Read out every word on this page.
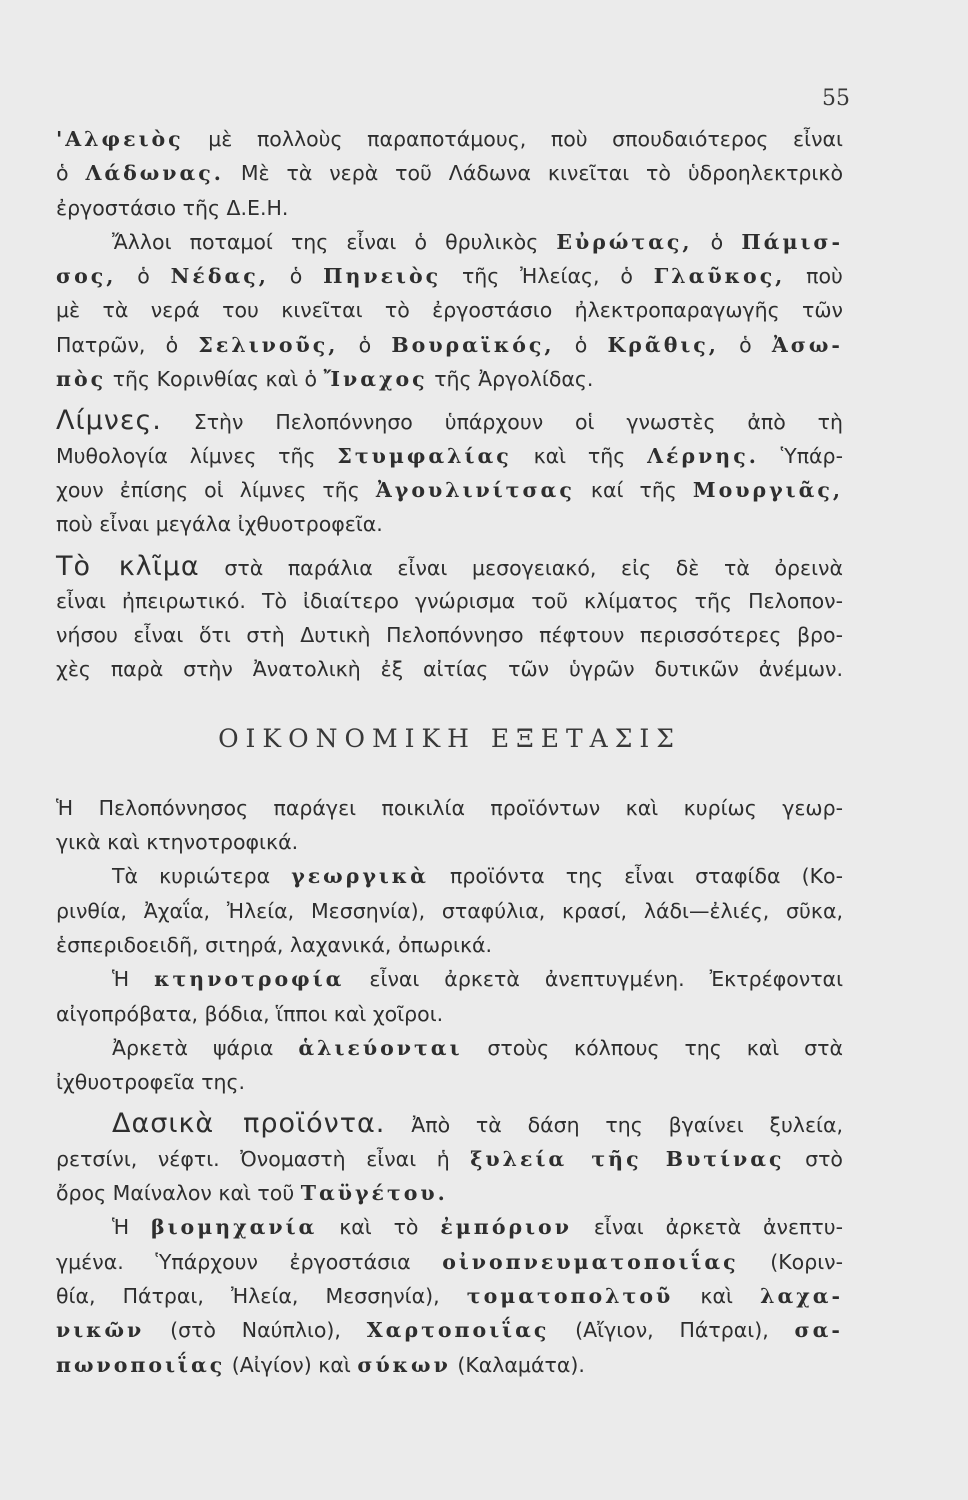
55
'Αλφειὸς μὲ πολλοὺς παραποτάμους, ποὺ σπουδαιότερος εἶναι
ὁ Λάδωνας. Μὲ τὰ νερὰ τοῦ Λάδωνα κινεῖται τὸ ὑδροηλεκτρικὸ
ἐργοστάσιο τῆς Δ.Ε.Η.
Ἄλλοι ποταμοί της εἶναι ὁ θρυλικὸς Εὐρώτας, ὁ Πάμισ-
σος, ὁ Νέδας, ὁ Πηνειὸς τῆς Ἠλείας, ὁ Γλαῦκος, ποὺ
μὲ τὰ νερά του κινεῖται τὸ ἐργοστάσιο ἠλεκτροπαραγωγῆς τῶν
Πατρῶν, ὁ Σελινοῦς, ὁ Βουραϊκός, ὁ Κρᾶθις, ὁ Ἀσω-
πὸς τῆς Κορινθίας καὶ ὁ Ἴναχος τῆς Ἀργολίδας.
Λίμνες. Στὴν Πελοπόννησο ὑπάρχουν οἱ γνωστὲς ἀπὸ τὴ
Μυθολογία λίμνες τῆς Στυμφαλίας καὶ τῆς Λέρνης. Ὑπάρ-
χουν ἐπίσης οἱ λίμνες τῆς Ἀγουλινίτσας καί τῆς Μουργιᾶς,
ποὺ εἶναι μεγάλα ἰχθυοτροφεῖα.
Τὸ κλῖμα στὰ παράλια εἶναι μεσογειακό, εἰς δὲ τὰ ὀρεινὰ
εἶναι ἠπειρωτικό. Τὸ ἰδιαίτερο γνώρισμα τοῦ κλίματος τῆς Πελοπον-
νήσου εἶναι ὅτι στὴ Δυτικὴ Πελοπόννησο πέφτουν περισσότερες βρο-
χὲς παρὰ στὴν Ἀνατολικὴ ἐξ αἰτίας τῶν ὑγρῶν δυτικῶν ἀνέμων.
ΟΙΚΟΝΟΜΙΚΗ ΕΞΕΤΑΣΙΣ
Ἡ Πελοπόννησος παράγει ποικιλία προϊόντων καὶ κυρίως γεωρ-
γικὰ καὶ κτηνοτροφικά.
Τὰ κυριώτερα γεωργικὰ προϊόντα της εἶναι σταφίδα (Κο-
ρινθία, Ἀχαΐα, Ἠλεία, Μεσσηνία), σταφύλια, κρασί, λάδι—ἐλιές, σῦκα,
ἑσπεριδοειδῆ, σιτηρά, λαχανικά, ὀπωρικά.
Ἡ κτηνοτροφία εἶναι ἀρκετὰ ἀνεπτυγμένη. Ἐκτρέφονται
αἰγοπρόβατα, βόδια, ἵπποι καὶ χοῖροι.
Ἀρκετὰ ψάρια ἁλιεύονται στοὺς κόλπους της καὶ στὰ
ἰχθυοτροφεῖα της.
Δασικὰ προϊόντα. Ἀπὸ τὰ δάση της βγαίνει ξυλεία,
ρετσίνι, νέφτι. Ὀνομαστὴ εἶναι ἡ ξυλεία τῆς Βυτίνας στὸ
ὄρος Μαίναλον καὶ τοῦ Ταϋγέτου.
Ἡ βιομηχανία καὶ τὸ ἐμπόριον εἶναι ἀρκετὰ ἀνεπτυ-
γμένα. Ὑπάρχουν ἐργοστάσια οἰνοπνευματοποιΐας (Κοριν-
θία, Πάτραι, Ἠλεία, Μεσσηνία), τοματοπολτοῦ καὶ λαχα-
νικῶν (στὸ Ναύπλιο), Χαρτοποιΐας (Αἴγιον, Πάτραι), σα-
πωνοποιΐας (Αἰγίον) καὶ σύκων (Καλαμάτα).
